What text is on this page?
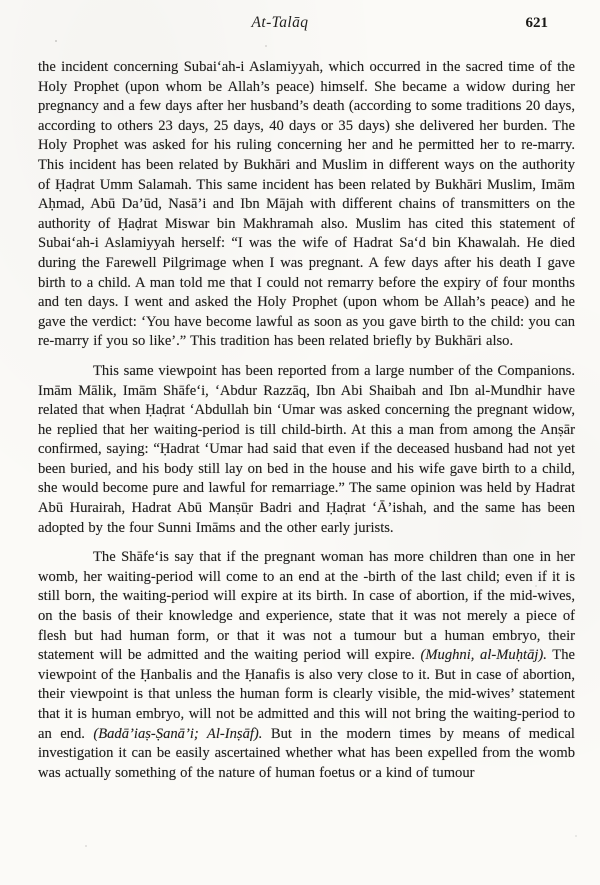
At-Talāq	621

the incident concerning Subai‘ah-i Aslamiyyah, which occurred in the sacred time of the Holy Prophet (upon whom be Allah’s peace) himself. She became a widow during her pregnancy and a few days after her husband’s death (according to some traditions 20 days, according to others 23 days, 25 days, 40 days or 35 days) she delivered her burden. The Holy Prophet was asked for his ruling concerning her and he permitted her to re-marry. This incident has been related by Bukhāri and Muslim in different ways on the authority of Ḥaḍrat Umm Salamah. This same incident has been related by Bukhāri Muslim, Imām Aḥmad, Abū Da’ūd, Nasā’i and Ibn Mājah with different chains of transmitters on the authority of Ḥaḍrat Miswar bin Makhramah also. Muslim has cited this statement of Subai‘ah-i Aslamiyyah herself: “I was the wife of Hadrat Sa‘d bin Khawalah. He died during the Farewell Pilgrimage when I was pregnant. A few days after his death I gave birth to a child. A man told me that I could not remarry before the expiry of four months and ten days. I went and asked the Holy Prophet (upon whom be Allah’s peace) and he gave the verdict: ‘You have become lawful as soon as you gave birth to the child: you can re-marry if you so like’.” This tradition has been related briefly by Bukhāri also.

This same viewpoint has been reported from a large number of the Companions. Imām Mālik, Imām Shāfe‘i, ‘Abdur Razzāq, Ibn Abi Shaibah and Ibn al-Mundhir have related that when Ḥaḍrat ‘Abdullah bin ‘Umar was asked concerning the pregnant widow, he replied that her waiting-period is till child-birth. At this a man from among the Anṣār confirmed, saying: “Ḥadrat ‘Umar had said that even if the deceased husband had not yet been buried, and his body still lay on bed in the house and his wife gave birth to a child, she would become pure and lawful for remarriage.” The same opinion was held by Hadrat Abū Hurairah, Hadrat Abū Manṣūr Badri and Ḥaḍrat ‘Ā’ishah, and the same has been adopted by the four Sunni Imāms and the other early jurists.

The Shāfe‘is say that if the pregnant woman has more children than one in her womb, her waiting-period will come to an end at the -birth of the last child; even if it is still born, the waiting-period will expire at its birth. In case of abortion, if the mid-wives, on the basis of their knowledge and experience, state that it was not merely a piece of flesh but had human form, or that it was not a tumour but a human embryo, their statement will be admitted and the waiting period will expire. (Mughni, al-Muḥtāj). The viewpoint of the Ḥanbalis and the Ḥanafis is also very close to it. But in case of abortion, their viewpoint is that unless the human form is clearly visible, the mid-wives’ statement that it is human embryo, will not be admitted and this will not bring the waiting-period to an end. (Badā’iaṣ-Ṣanā’i; Al-Inṣāf). But in the modern times by means of medical investigation it can be easily ascertained whether what has been expelled from the womb was actually something of the nature of human foetus or a kind of tumour
